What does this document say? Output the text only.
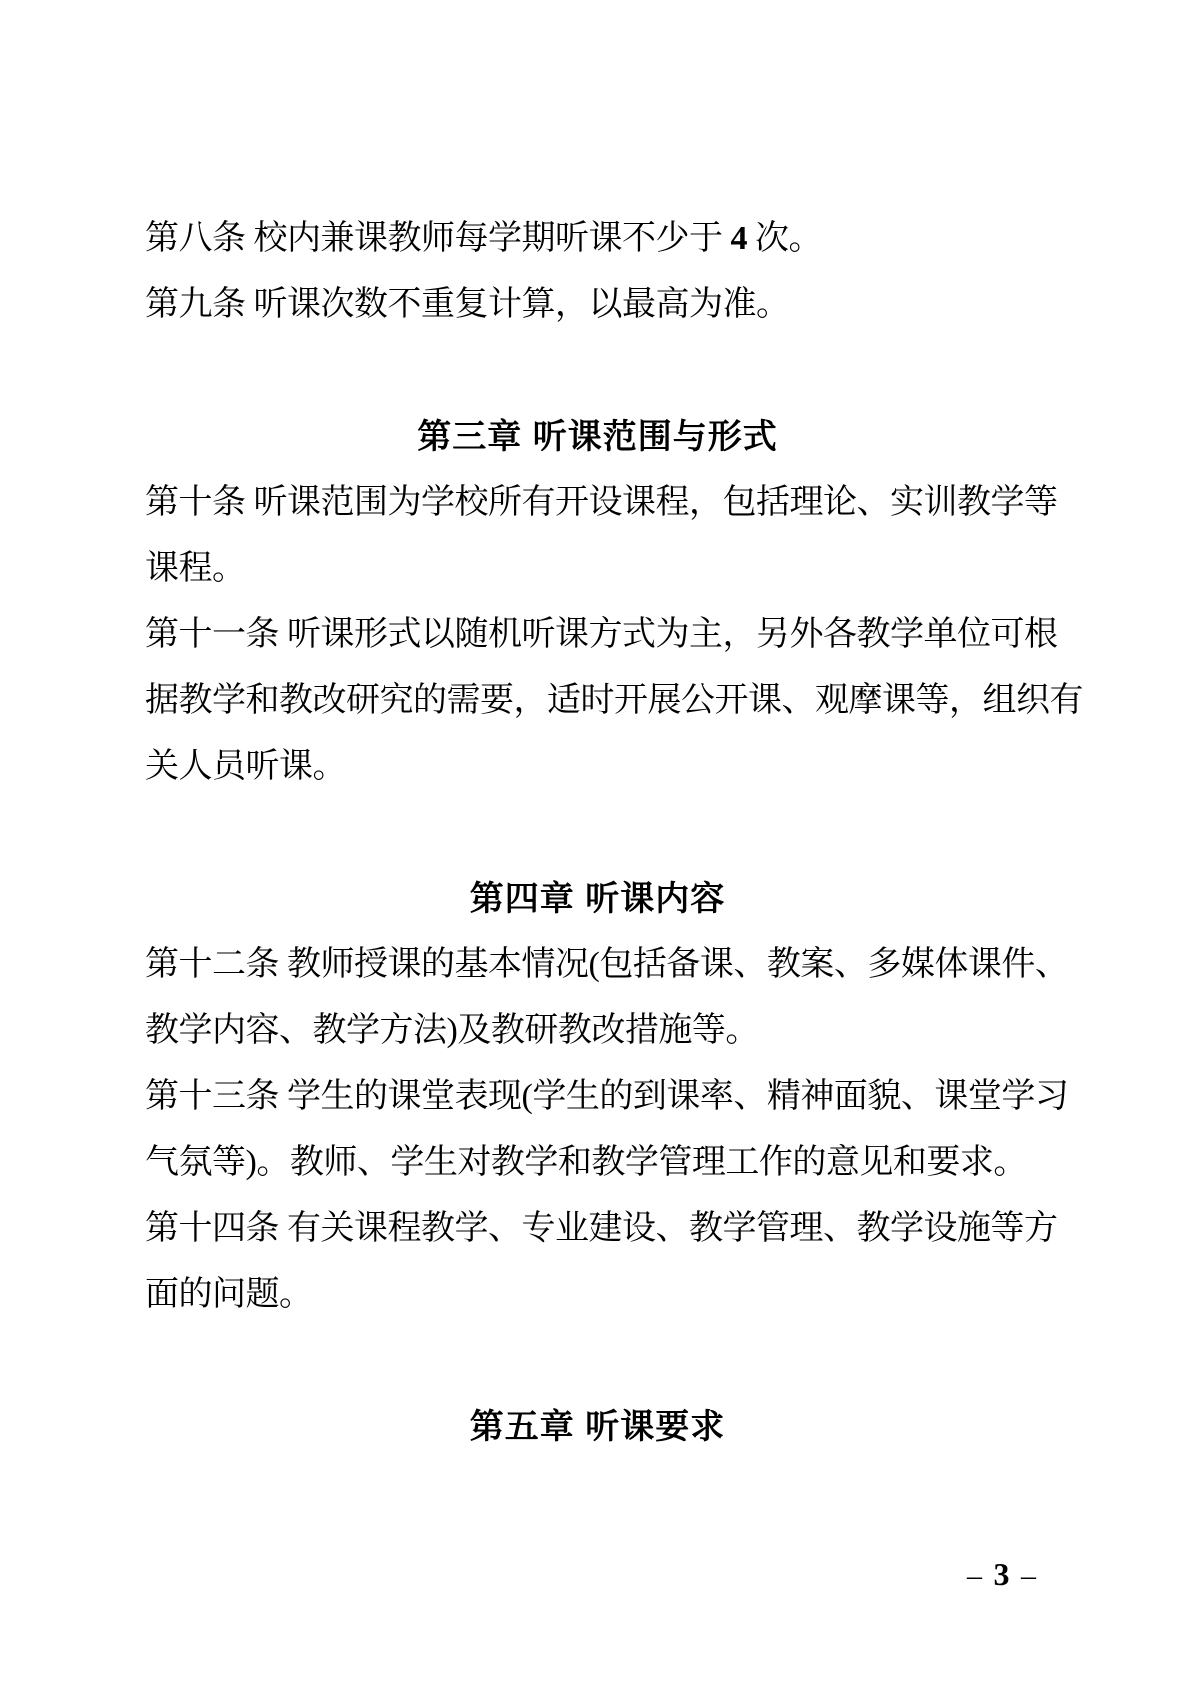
第八条 校内兼课教师每学期听课不少于 4 次。
第九条 听课次数不重复计算，以最高为准。
第三章 听课范围与形式
第十条 听课范围为学校所有开设课程，包括理论、实训教学等
课程。
第十一条 听课形式以随机听课方式为主，另外各教学单位可根
据教学和教改研究的需要，适时开展公开课、观摩课等，组织有
关人员听课。
第四章 听课内容
第十二条 教师授课的基本情况(包括备课、教案、多媒体课件、
教学内容、教学方法)及教研教改措施等。
第十三条 学生的课堂表现(学生的到课率、精神面貌、课堂学习
气氛等)。教师、学生对教学和教学管理工作的意见和要求。
第十四条 有关课程教学、专业建设、教学管理、教学设施等方
面的问题。
第五章 听课要求
– 3 –
